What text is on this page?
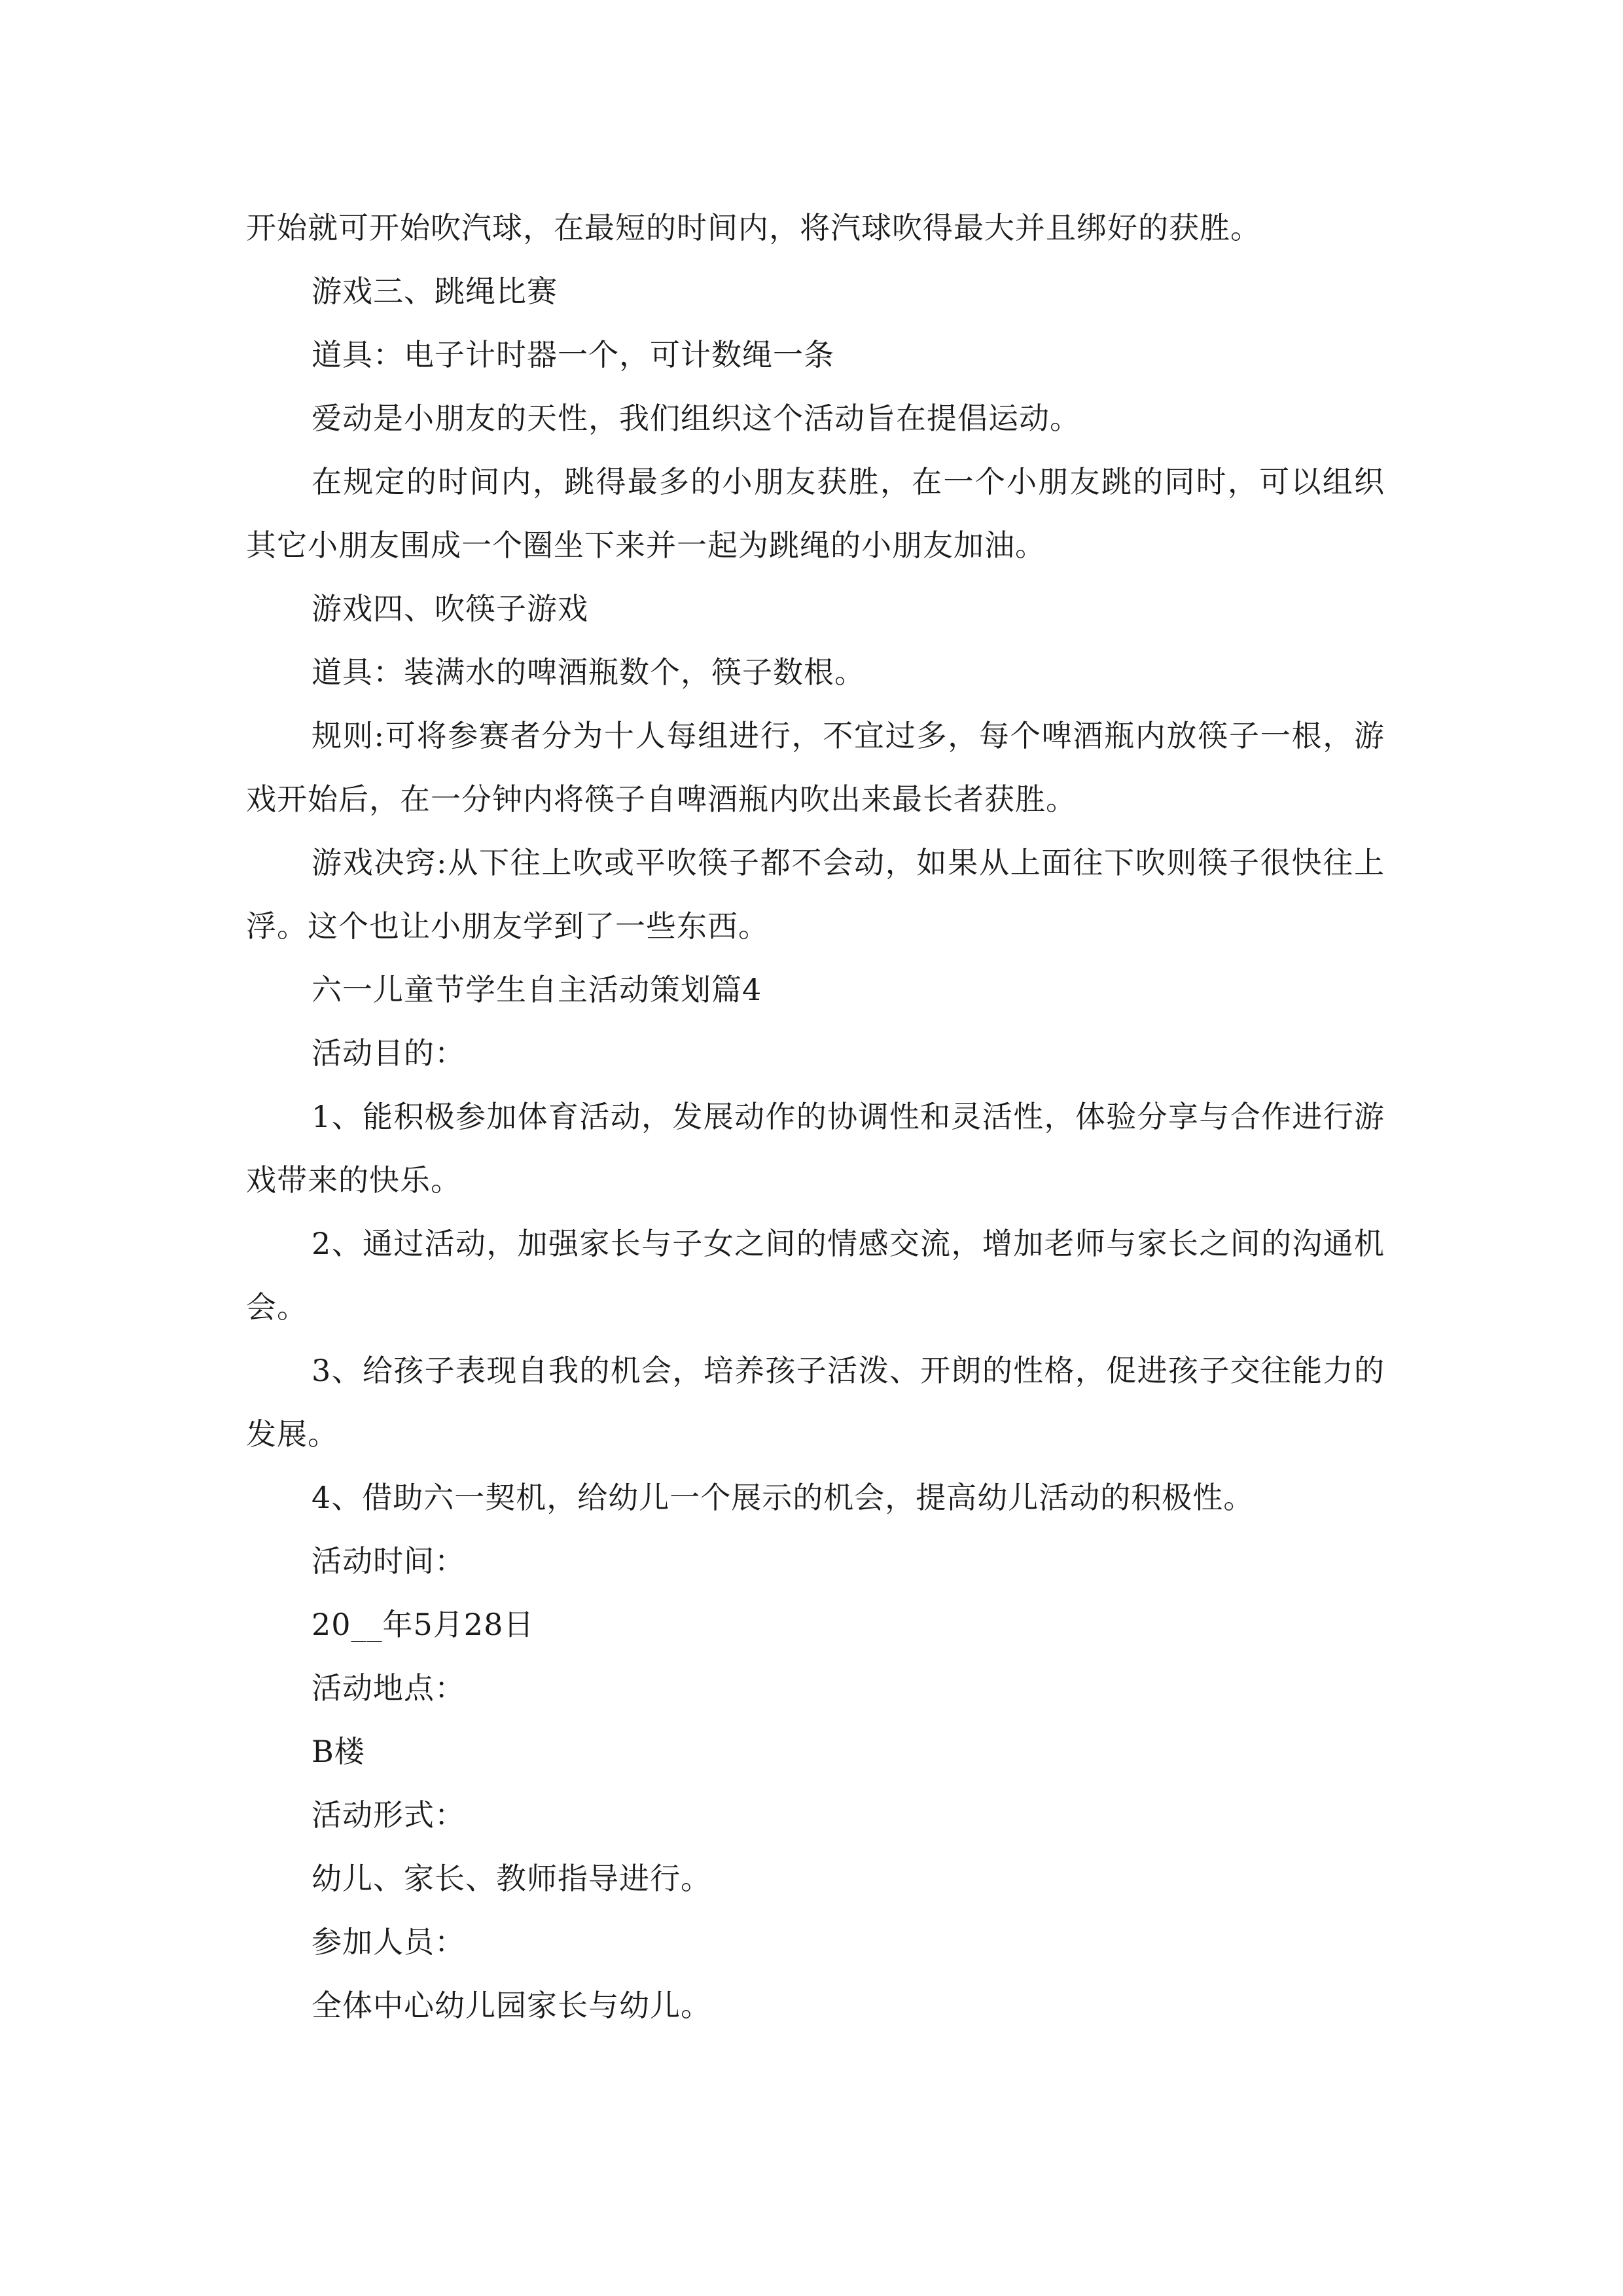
开始就可开始吹汽球，在最短的时间内，将汽球吹得最大并且绑好的获胜。

游戏三、跳绳比赛

道具：电子计时器一个，可计数绳一条

爱动是小朋友的天性，我们组织这个活动旨在提倡运动。

在规定的时间内，跳得最多的小朋友获胜，在一个小朋友跳的同时，可以组织其它小朋友围成一个圈坐下来并一起为跳绳的小朋友加油。

游戏四、吹筷子游戏

道具：装满水的啤酒瓶数个，筷子数根。

规则:可将参赛者分为十人每组进行，不宜过多，每个啤酒瓶内放筷子一根，游戏开始后，在一分钟内将筷子自啤酒瓶内吹出来最长者获胜。

游戏决窍:从下往上吹或平吹筷子都不会动，如果从上面往下吹则筷子很快往上浮。这个也让小朋友学到了一些东西。

六一儿童节学生自主活动策划篇4

活动目的：

1、能积极参加体育活动，发展动作的协调性和灵活性，体验分享与合作进行游戏带来的快乐。

2、通过活动，加强家长与子女之间的情感交流，增加老师与家长之间的沟通机会。

3、给孩子表现自我的机会，培养孩子活泼、开朗的性格，促进孩子交往能力的发展。

4、借助六一契机，给幼儿一个展示的机会，提高幼儿活动的积极性。

活动时间：

20__年5月28日

活动地点：

B楼

活动形式：

幼儿、家长、教师指导进行。

参加人员：

全体中心幼儿园家长与幼儿。
